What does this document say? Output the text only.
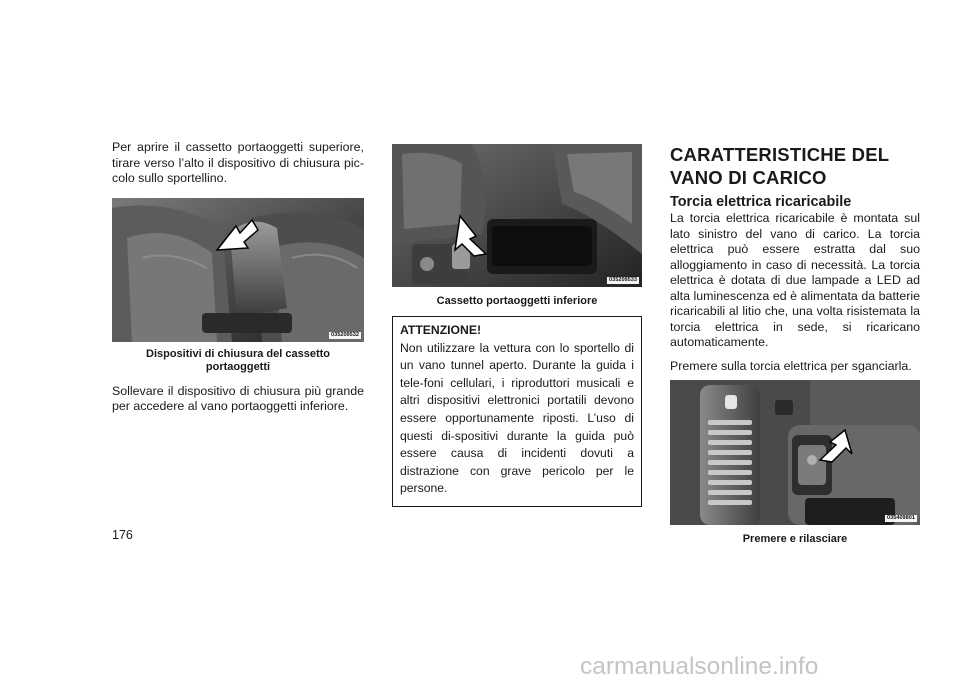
Per aprire il cassetto portaoggetti superiore, tirare verso l’alto il dispositivo di chiusura pic-colo sullo sportellino.

035209532

Dispositivi di chiusura del cassetto portaoggetti

Sollevare il dispositivo di chiusura più grande per accedere al vano portaoggetti inferiore.

035209533

Cassetto portaoggetti inferiore

ATTENZIONE!

Non utilizzare la vettura con lo sportello di un vano tunnel aperto. Durante la guida i tele-foni cellulari, i riproduttori musicali e altri dispositivi elettronici portatili devono essere opportunamente riposti. L’uso di questi di-spositivi durante la guida può essere causa di incidenti dovuti a distrazione con grave pericolo per le persone.

CARATTERISTICHE DEL VANO DI CARICO
Torcia elettrica ricaricabile

La torcia elettrica ricaricabile è montata sul lato sinistro del vano di carico. La torcia elettrica può essere estratta dal suo alloggiamento in caso di necessità. La torcia elettrica è dotata di due lampade a LED ad alta luminescenza ed è alimentata da batterie ricaricabili al litio che, una volta risistemata la torcia elettrica in sede, si ricaricano automaticamente.

Premere sulla torcia elettrica per sganciarla.

035409801

Premere e rilasciare

176
carmanualsonline.info
